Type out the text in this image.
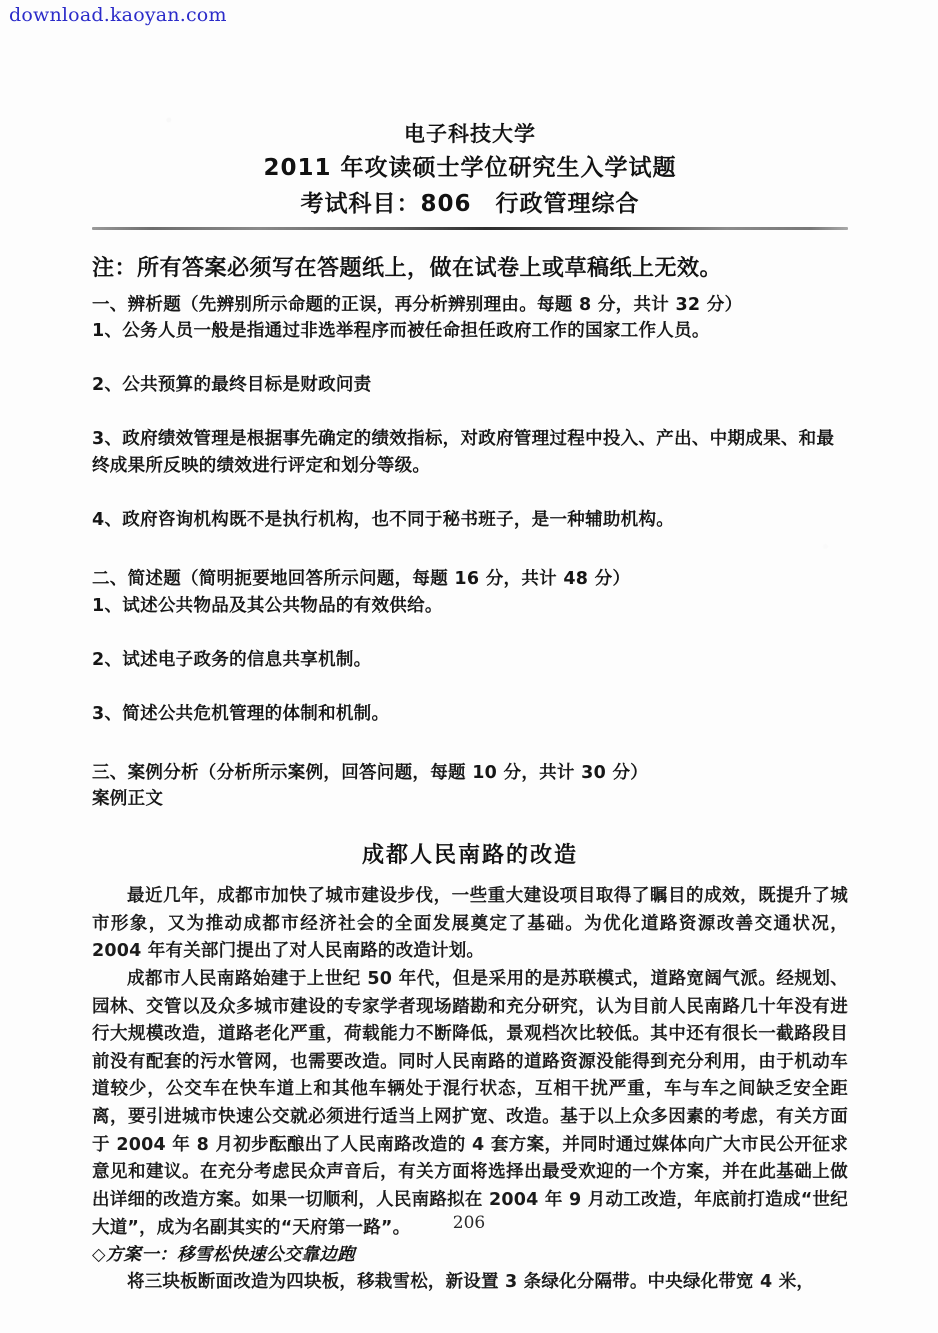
download.kaoyan.com
电子科技大学
2011 年攻读硕士学位研究生入学试题
考试科目：806　行政管理综合
注：所有答案必须写在答题纸上，做在试卷上或草稿纸上无效。
一、辨析题（先辨别所示命题的正误，再分析辨别理由。每题 8 分，共计 32 分）
1、公务人员一般是指通过非选举程序而被任命担任政府工作的国家工作人员。
2、公共预算的最终目标是财政问责
3、政府绩效管理是根据事先确定的绩效指标，对政府管理过程中投入、产出、中期成果、和最终成果所反映的绩效进行评定和划分等级。
4、政府咨询机构既不是执行机构，也不同于秘书班子，是一种辅助机构。
二、简述题（简明扼要地回答所示问题，每题 16 分，共计 48 分）
1、试述公共物品及其公共物品的有效供给。
2、试述电子政务的信息共享机制。
3、简述公共危机管理的体制和机制。
三、案例分析（分析所示案例，回答问题，每题 10 分，共计 30 分）
案例正文
成都人民南路的改造
最近几年，成都市加快了城市建设步伐，一些重大建设项目取得了瞩目的成效，既提升了城市形象，又为推动成都市经济社会的全面发展奠定了基础。为优化道路资源改善交通状况，2004 年有关部门提出了对人民南路的改造计划。
成都市人民南路始建于上世纪 50 年代，但是采用的是苏联模式，道路宽阔气派。经规划、园林、交管以及众多城市建设的专家学者现场踏勘和充分研究，认为目前人民南路几十年没有进行大规模改造，道路老化严重，荷载能力不断降低，景观档次比较低。其中还有很长一截路段目前没有配套的污水管网，也需要改造。同时人民南路的道路资源没能得到充分利用，由于机动车道较少，公交车在快车道上和其他车辆处于混行状态，互相干扰严重，车与车之间缺乏安全距离，要引进城市快速公交就必须进行适当上网扩宽、改造。基于以上众多因素的考虑，有关方面于 2004 年 8 月初步酝酿出了人民南路改造的 4 套方案，并同时通过媒体向广大市民公开征求意见和建议。在充分考虑民众声音后，有关方面将选择出最受欢迎的一个方案，并在此基础上做出详细的改造方案。如果一切顺利，人民南路拟在 2004 年 9 月动工改造，年底前打造成“世纪大道”，成为名副其实的“天府第一路”。
◇方案一：移雪松快速公交靠边跑
将三块板断面改造为四块板，移栽雪松，新设置 3 条绿化分隔带。中央绿化带宽 4 米，
206
